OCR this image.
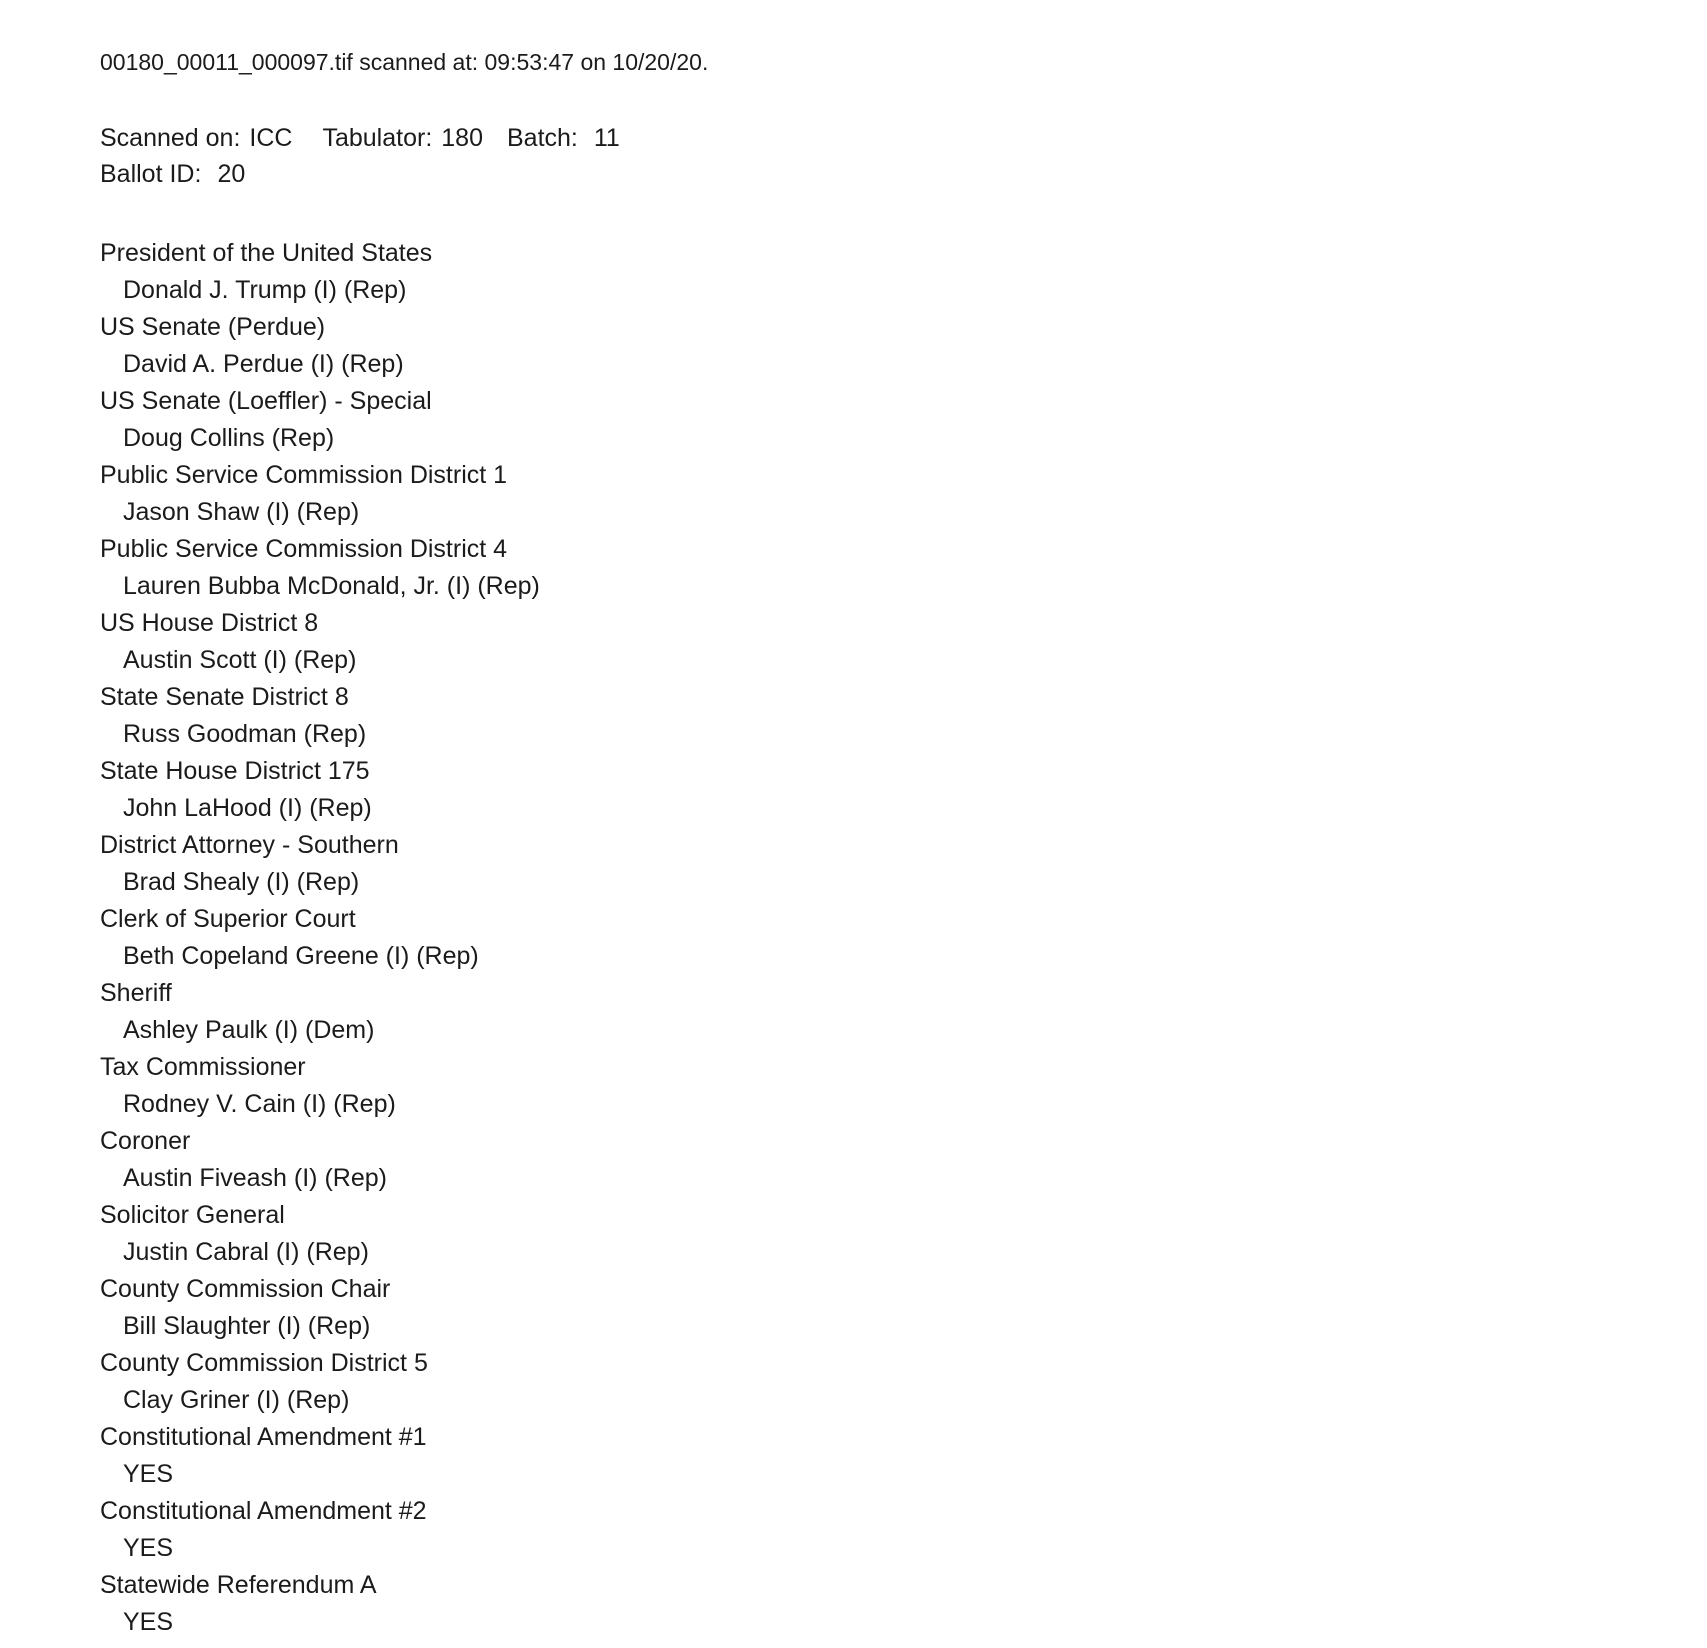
00180_00011_000097.tif scanned at: 09:53:47 on 10/20/20.
Scanned on: ICC Tabulator: 180 Batch: 11
Ballot ID: 20
President of the United States
Donald J. Trump (I) (Rep)
US Senate (Perdue)
David A. Perdue (I) (Rep)
US Senate (Loeffler) - Special
Doug Collins (Rep)
Public Service Commission District 1
Jason Shaw (I) (Rep)
Public Service Commission District 4
Lauren Bubba McDonald, Jr. (I) (Rep)
US House District 8
Austin Scott (I) (Rep)
State Senate District 8
Russ Goodman (Rep)
State House District 175
John LaHood (I) (Rep)
District Attorney - Southern
Brad Shealy (I) (Rep)
Clerk of Superior Court
Beth Copeland Greene (I) (Rep)
Sheriff
Ashley Paulk (I) (Dem)
Tax Commissioner
Rodney V. Cain (I) (Rep)
Coroner
Austin Fiveash (I) (Rep)
Solicitor General
Justin Cabral (I) (Rep)
County Commission Chair
Bill Slaughter (I) (Rep)
County Commission District 5
Clay Griner (I) (Rep)
Constitutional Amendment #1
YES
Constitutional Amendment #2
YES
Statewide Referendum A
YES
